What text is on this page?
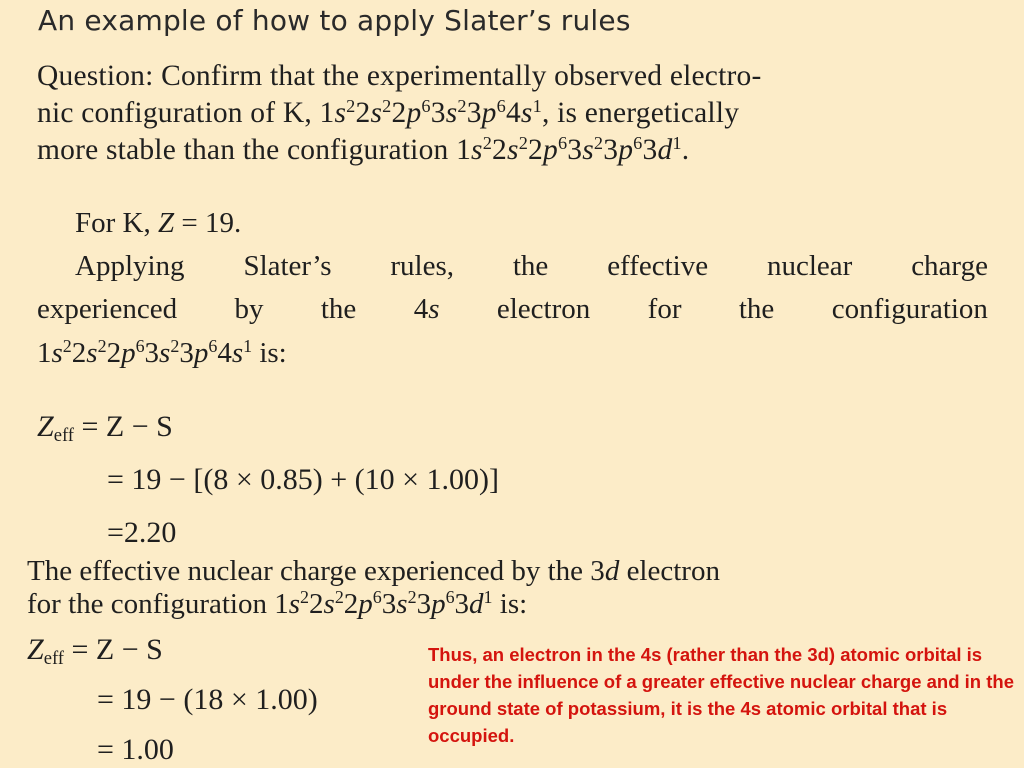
An example of how to apply Slater’s rules
Question: Confirm that the experimentally observed electro-
nic configuration of K, $1s^22s^22p^63s^23p^64s^1$, is energetically
more stable than the configuration $1s^22s^22p^63s^23p^63d^1$.
For K, Z = 19.
Applying Slater’s rules, the effective nuclear charge
experienced by the 4s electron for the configuration
$1s^22s^22p^63s^23p^64s^1$ is:
$Z_{eff} = Z - S$
= 19 − [(8 × 0.85) + (10 × 1.00)]
=2.20
The effective nuclear charge experienced by the 3d electron
for the configuration $1s^22s^22p^63s^23p^63d^1$ is:
$Z_{eff} = Z - S$
= 19 − (18 × 1.00)
= 1.00
Thus, an electron in the 4s (rather than the 3d) atomic orbital is under the influence of a greater effective nuclear charge and in the ground state of potassium, it is the 4s atomic orbital that is occupied.
